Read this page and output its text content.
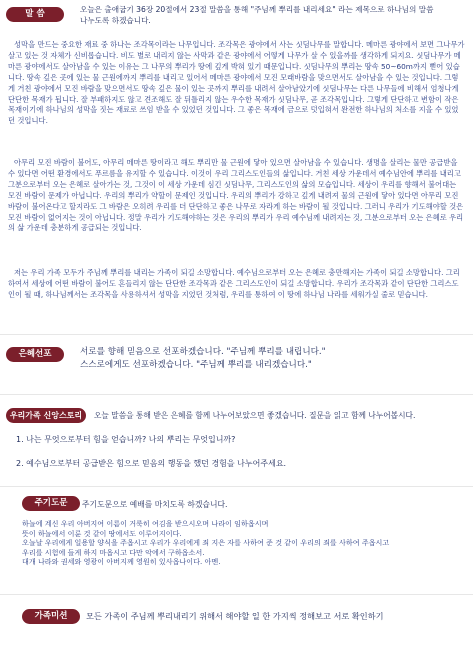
말 씀	오늘은 출애굽기 36장 20절에서 23절 말씀을 통해 "주님께 뿌리를 내리세요" 라는 제목으로 하나님의 말씀
나누도록 하겠습니다.

성막을 만드는 중요한 재료 중 하나는 조각목이라는 나무입니다. 조각목은 광야에서 사는 싯딤나무를 말합니다. 메마른 광야에서 보면 그나무가 살고 있는 것 자체가 신비롭습니다. 비도 별로 내리지 않는 사막과 같은 광야에서 어떻게 나무가 살 수 있을까를 생각하게 되지요. 싯딤나무가 메마른 광야에서도 살아남을 수 있는 이유는 그 나무의 뿌리가 땅에 깊게 박혀 있기 때문입니다. 싯딤나무의 뿌리는 땅속 50~60m까지 뻗어 있습니다. 땅속 깊은 곳에 있는 물 근원에까지 뿌리를 내리고 있어서 메마른 광야에서 모진 모래바람을 맞으면서도 살아남을 수 있는 것입니다. 그렇게 거친 광야에서 모진 바람을 맞으면서도 땅속 깊은 물이 있는 곳까지 뿌리를 내려서 살아남았기에 싯딤나무는 다른 나무들에 비해서 엄청나게 단단한 목재가 됩니다. 잘 부패하지도 않고 견조해도 잘 뒤틀리지 않는 우수한 목재가 싯딤나무, 곧 조각목입니다. 그렇게 단단하고 변함이 작은 목재이기에 하나님의 성막을 짓는 재료로 쓰임 받을 수 있었던 것입니다. 그 좋은 목재에 금으로 덧입혀서 완전한 하나님의 처소를 지을 수 있었던 것입니다.

아무리 모진 바람이 불어도, 아무리 메마른 땅이라고 해도 뿌리만 물 근원에 닿아 있으면 살아남을 수 있습니다. 생명을 살리는 물만 공급받을 수 있다면 어떤 환경에서도 푸르름을 유지할 수 있습니다. 이것이 우리 그리스도인들의 삶입니다. 거친 세상 가운데서 예수님안에 뿌리를 내리고 그분으로부터 오는 은혜로 살아가는 것, 그것이 이 세상 가운데 심긴 싯딤나무, 그리스도인의 삶의 모습입니다. 세상이 우리를 향해서 불어대는 모진 바람이 문제가 아닙니다. 우리의 뿌리가 약할이 문제인 것입니다. 우리의 뿌리가 강하고 깊게 내려져 물의 근원에 닿아 있다면 아무리 모진 바람이 불어온다고 할지라도 그 바람은 오히려 우리를 더 단단하고 좋은 나무로 자라게 하는 바람이 될 것입니다. 그러니 우리가 기도해야할 것은 모진 바람이 없어지는 것이 아닙니다. 정말 우리가 기도해야하는 것은 우리의 뿌리가 우리 예수님께 내려지는 것, 그분으로부터 오는 은혜로 우리의 삶 가운데 충분하게 공급되는 것입니다.

저는 우리 가족 모두가 주님께 뿌리를 내리는 가족이 되길 소망합니다. 예수님으로부터 오는 은혜로 충만해지는 가족이 되길 소망합니다. 그리하여서 세상에 어떤 바람이 불어도 흔들리지 않는 단단한 조각목과 같은 그리스도인이 되길 소망합니다. 우리가 조각목과 같이 단단한 그리스도인이 될 때, 하나님께서는 조각목을 사용하셔서 성막을 지었던 것처럼, 우리를 통하여 이 땅에 하나님 나라를 세워가실 줄로 믿습니다.

은혜선포	서로를 향해 믿음으로 선포하겠습니다. "주님께 뿌리를 내립니다."
스스로에게도 선포하겠습니다. "주님께 뿌리를 내리겠습니다."
우리가족 신앙스토리	오늘 말씀을 통해 받은 은혜를 함께 나누어보았으면 좋겠습니다. 질문을 읽고 함께 나누어봅시다.
1. 나는 무엇으로부터 힘을 얻습니까? 나의 뿌리는 무엇입니까?
2. 예수님으로부터 공급받은 힘으로 믿음의 행동을 했던 경험을 나누어주세요.
주기도문	주기도문으로 예배를 마치도록 하겠습니다.
하늘에 계신 우리 아버지여 이름이 거룩히 여김을 받으시오며 나라이 임하옵시며
뜻이 하늘에서 이룬 것 같이 땅에서도 이루어지이다.
오늘날 우리에게 일용할 양식을 주옵시고 우리가 우리에게 죄 지은 자를 사하여 준 것 같이 우리의 죄를 사하여 주옵시고
우리를 시험에 들게 하지 마옵시고 다만 악에서 구하옵소서.
대개 나라와 권세와 영광이 아버지께 영원히 있사옵나이다. 아멘.
가족미션	모든 가족이 주님께 뿌리내리기 위해서 해야할 일 한 가지씩 정해보고 서로 확인하기
